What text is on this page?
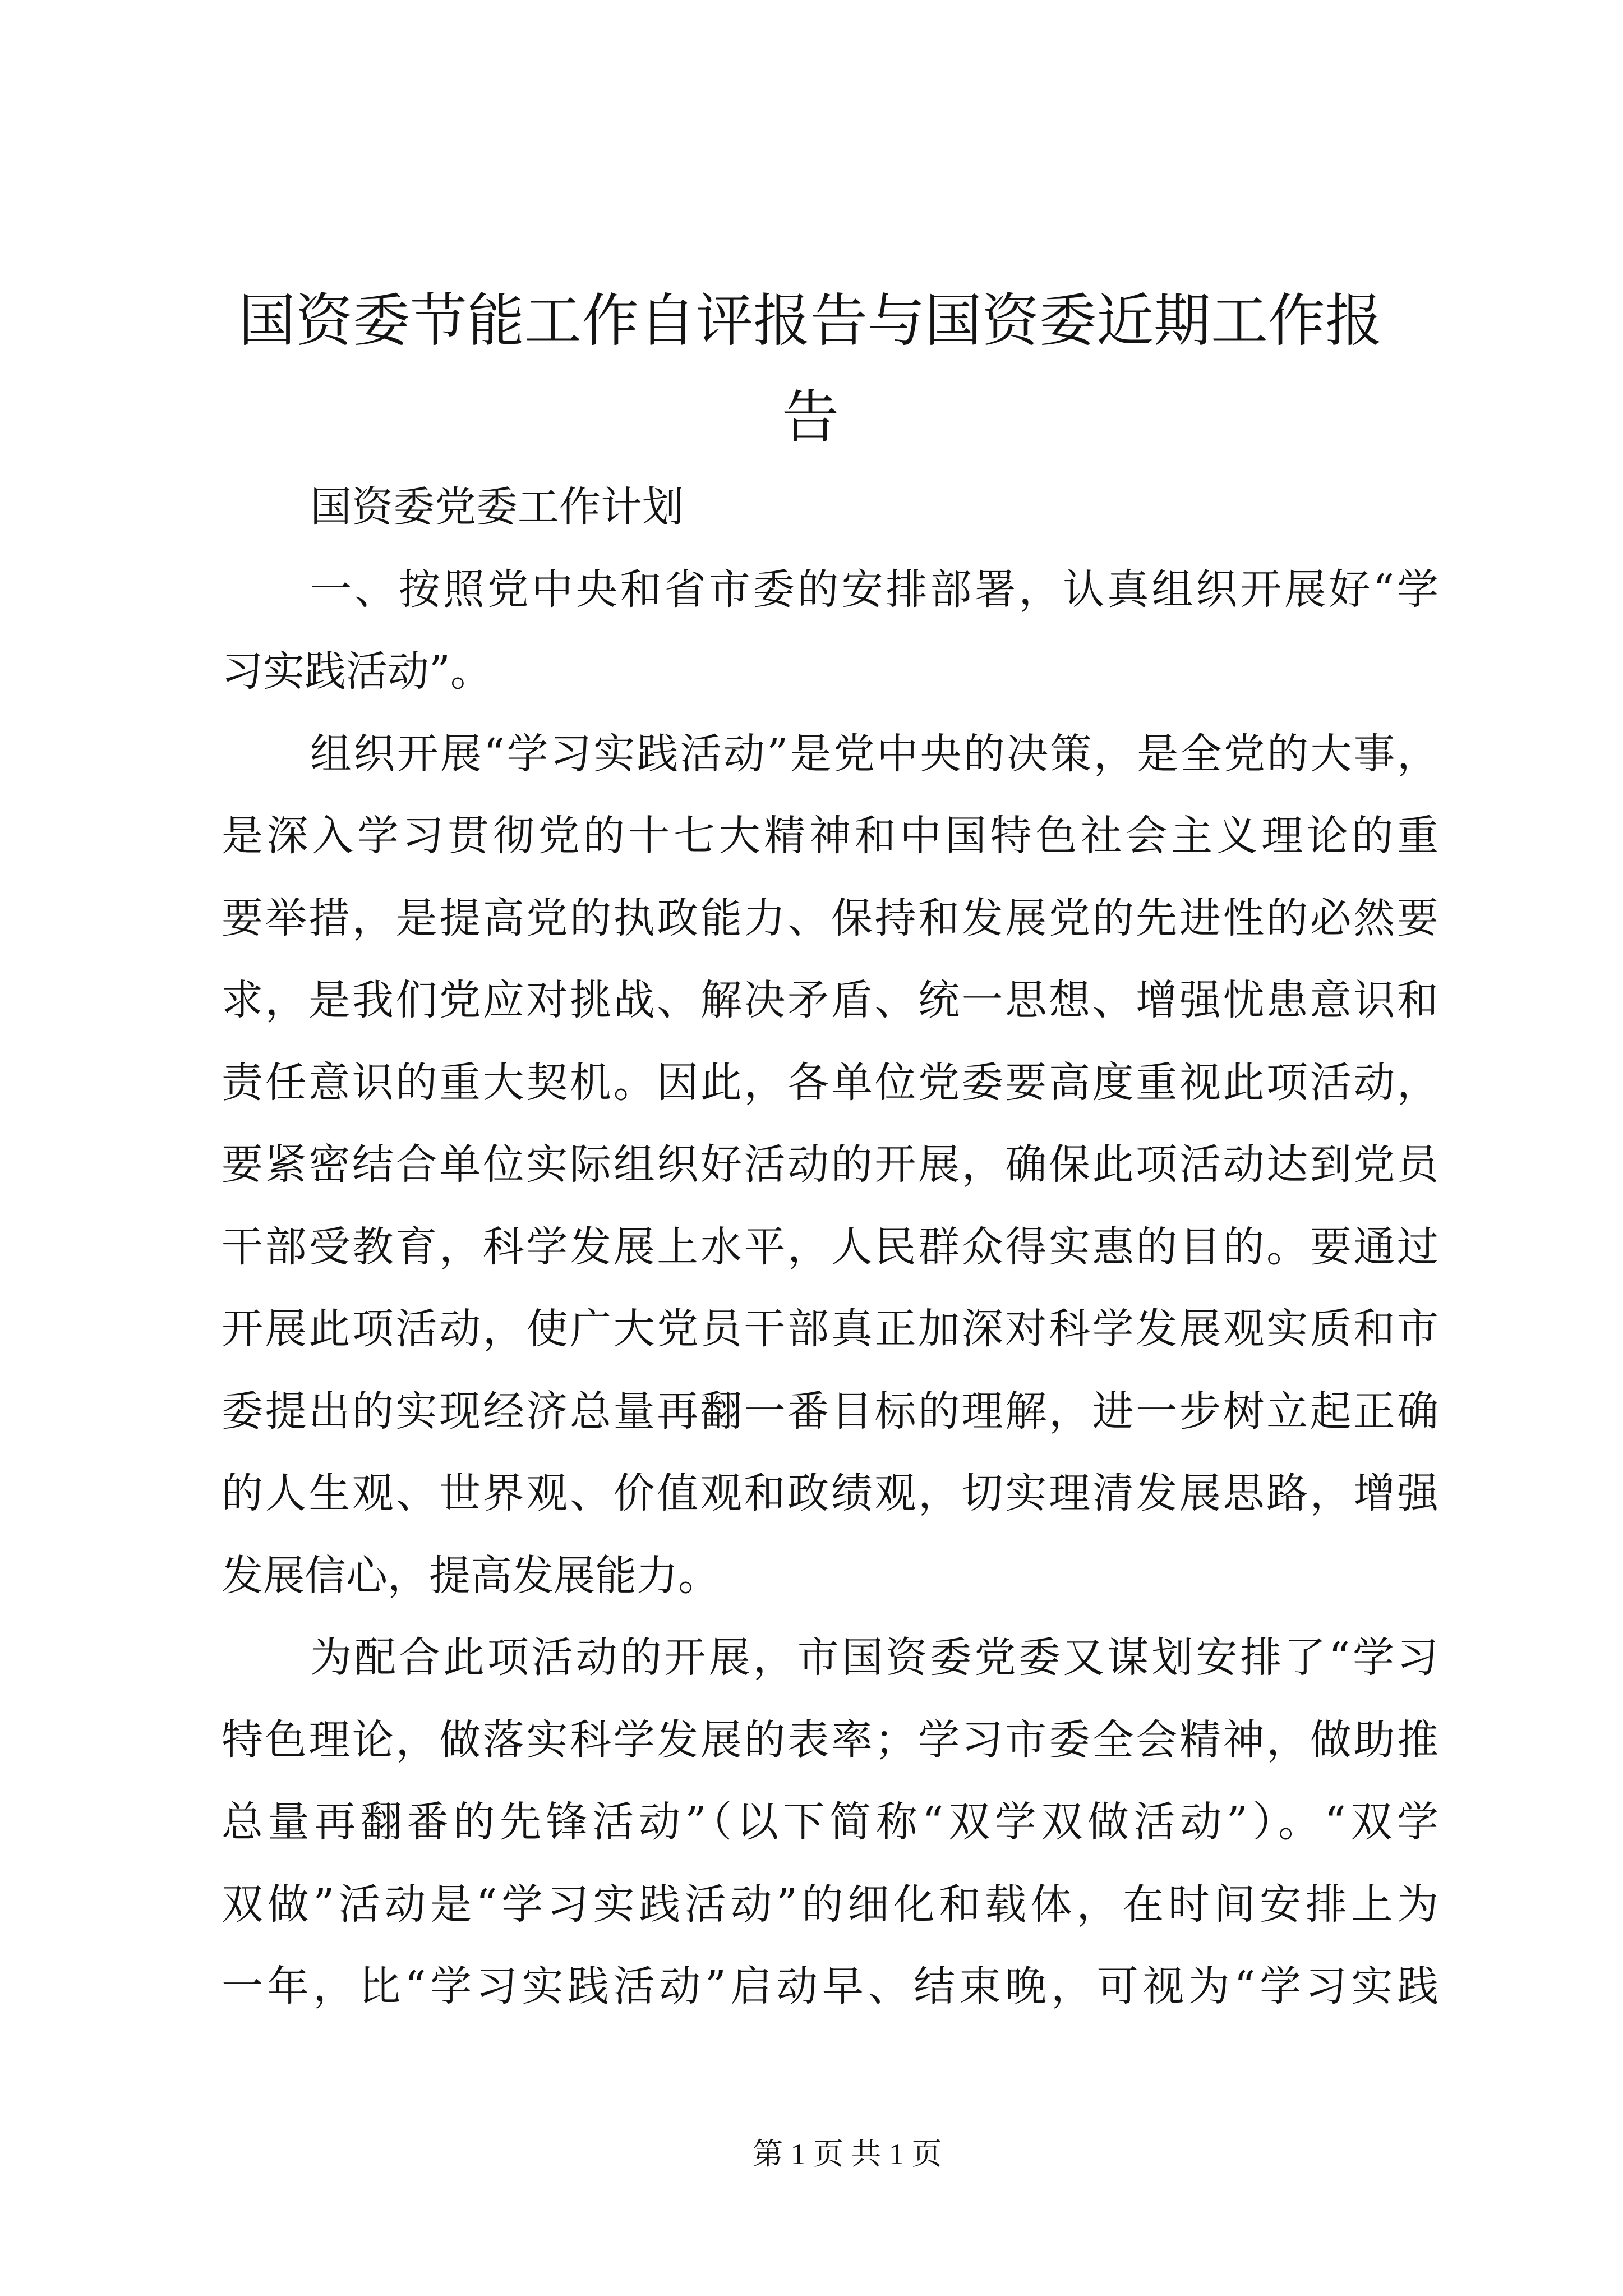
国资委节能工作自评报告与国资委近期工作报
告
国资委党委工作计划
一、按照党中央和省市委的安排部署，认真组织开展好“学
习实践活动”。
组织开展“学习实践活动”是党中央的决策，是全党的大事，
是深入学习贯彻党的十七大精神和中国特色社会主义理论的重
要举措，是提高党的执政能力、保持和发展党的先进性的必然要
求，是我们党应对挑战、解决矛盾、统一思想、增强忧患意识和
责任意识的重大契机。因此，各单位党委要高度重视此项活动，
要紧密结合单位实际组织好活动的开展，确保此项活动达到党员
干部受教育，科学发展上水平，人民群众得实惠的目的。要通过
开展此项活动，使广大党员干部真正加深对科学发展观实质和市
委提出的实现经济总量再翻一番目标的理解，进一步树立起正确
的人生观、世界观、价值观和政绩观，切实理清发展思路，增强
发展信心，提高发展能力。
为配合此项活动的开展，市国资委党委又谋划安排了“学习
特色理论，做落实科学发展的表率；学习市委全会精神，做助推
总量再翻番的先锋活动”（以下简称“双学双做活动”）。“双学
双做”活动是“学习实践活动”的细化和载体，在时间安排上为
一年，比“学习实践活动”启动早、结束晚，可视为“学习实践
第 1 页 共 1 页
